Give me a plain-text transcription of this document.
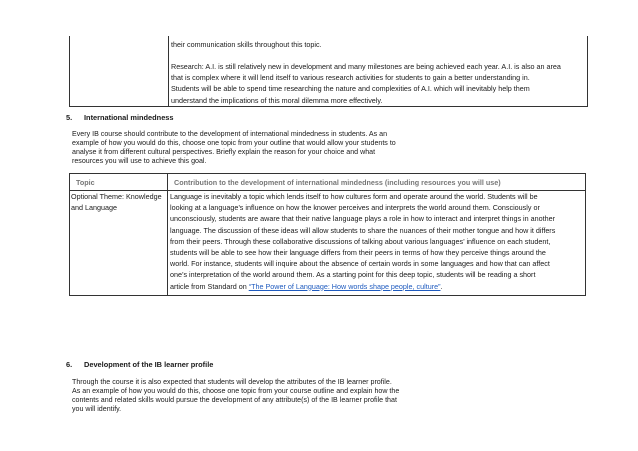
their communication skills throughout this topic.
Research: A.I. is still relatively new in development and many milestones are being achieved each year. A.I. is also an area
that is complex where it will lend itself to various research activities for students to gain a better understanding in.
Students will be able to spend time researching the nature and complexities of A.I. which will inevitably help them
understand the implications of this moral dilemma more effectively.
5. International mindedness
Every IB course should contribute to the development of international mindedness in students. As an
example of how you would do this, choose one topic from your outline that would allow your students to
analyse it from different cultural perspectives. Briefly explain the reason for your choice and what
resources you will use to achieve this goal.
Topic	Contribution to the development of international mindedness (including resources you will use)
Optional Theme: Knowledge
and Language
Language is inevitably a topic which lends itself to how cultures form and operate around the world. Students will be
looking at a language’s influence on how the knower perceives and interprets the world around them. Consciously or
unconsciously, students are aware that their native language plays a role in how to interact and interpret things in another
language. The discussion of these ideas will allow students to share the nuances of their mother tongue and how it differs
from their peers. Through these collaborative discussions of talking about various languages’ influence on each student,
students will be able to see how their language differs from their peers in terms of how they perceive things around the
world. For instance, students will inquire about the absence of certain words in some languages and how that can affect
one’s interpretation of the world around them. As a starting point for this deep topic, students will be reading a short
article from Standard on “The Power of Language: How words shape people, culture”.
6. Development of the IB learner profile
Through the course it is also expected that students will develop the attributes of the IB learner profile.
As an example of how you would do this, choose one topic from your course outline and explain how the
contents and related skills would pursue the development of any attribute(s) of the IB learner profile that
you will identify.
